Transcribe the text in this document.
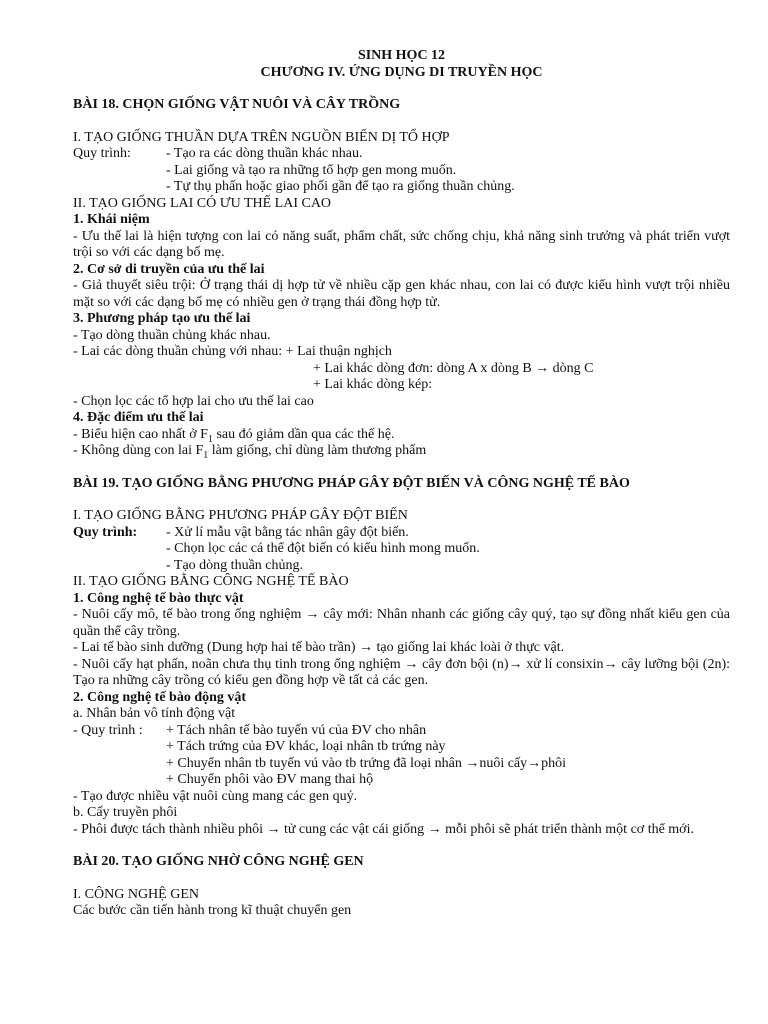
SINH HỌC 12

CHƯƠNG IV. ỨNG DỤNG DI TRUYỀN HỌC

BÀI 18. CHỌN GIỐNG VẬT NUÔI VÀ CÂY TRỒNG

I. TẠO GIỐNG THUẦN DỰA TRÊN NGUỒN BIẾN DỊ TỔ HỢP

Quy trình:	- Tạo ra các dòng thuần khác nhau.

- Lai giống và tạo ra những tổ hợp gen mong muốn.

- Tự thụ phấn hoặc giao phối gần để tạo ra giống thuần chủng.

II. TẠO GIỐNG LAI CÓ ƯU THẾ LAI CAO

1. Khái niệm

- Ưu thế lai là hiện tượng con lai có năng suất, phẩm chất, sức chống chịu, khả năng sinh trưởng và phát triển vượt trội so với các dạng bố mẹ.

2. Cơ sở di truyền của ưu thế lai

- Giả thuyết siêu trội: Ở trạng thái dị hợp tử về nhiều cặp gen khác nhau, con lai có được kiểu hình vượt trội nhiều mặt so với các dạng bố mẹ có nhiều gen ở trạng thái đồng hợp tử.

3. Phương pháp tạo ưu thế lai

- Tạo dòng thuần chủng khác nhau.

- Lai các dòng thuần chủng với nhau: + Lai thuận nghịch

+ Lai khác dòng đơn: dòng A x dòng B → dòng C

+ Lai khác dòng kép:

- Chọn lọc các tổ hợp lai cho ưu thế lai cao

4. Đặc điểm ưu thế lai

- Biểu hiện cao nhất ở $F_1$ sau đó giảm dần qua các thế hệ.

- Không dùng con lai $F_1$ làm giống, chỉ dùng làm thương phẩm

BÀI 19. TẠO GIỐNG BẰNG PHƯƠNG PHÁP GÂY ĐỘT BIẾN VÀ CÔNG NGHỆ TẾ BÀO

I. TẠO GIỐNG BẰNG PHƯƠNG PHÁP GÂY ĐỘT BIẾN

Quy trình:	- Xử lí mẫu vật bằng tác nhân gây đột biến.

- Chọn lọc các cá thể đột biến có kiểu hình mong muốn.

- Tạo dòng thuần chủng.

II. TẠO GIỐNG BẰNG CÔNG NGHỆ TẾ BÀO

1. Công nghệ tế bào thực vật

- Nuôi cấy mô, tế bào trong ống nghiệm → cây mới: Nhân nhanh các giống cây quý, tạo sự đồng nhất kiểu gen của quần thể cây trồng.

- Lai tế bào sinh dưỡng (Dung hợp hai tế bào trần) → tạo giống lai khác loài ở thực vật.

- Nuôi cấy hạt phấn, noãn chưa thụ tinh trong ống nghiệm → cây đơn bội (n)→ xử lí consixin→ cây lưỡng bội (2n): Tạo ra những cây trồng có kiểu gen đồng hợp về tất cả các gen.

2. Công nghệ tế bào động vật

a. Nhân bản vô tính động vật

- Quy trình :	+ Tách nhân tế bào tuyến vú của ĐV cho nhân

+ Tách trứng của ĐV khác, loại nhân tb trứng này

+ Chuyển nhân tb tuyến vú vào tb trứng đã loại nhân →nuôi cấy→phôi

+ Chuyển phôi vào ĐV mang thai hộ

- Tạo được nhiều vật nuôi cùng mang các gen quý.

b. Cấy truyền phôi

- Phôi được tách thành nhiều phôi → tử cung các vật cái giống → mỗi phôi sẽ phát triển thành một cơ thể mới.

BÀI 20. TẠO GIỐNG NHỜ CÔNG NGHỆ GEN

I. CÔNG NGHỆ GEN

Các bước cần tiến hành trong kĩ thuật chuyển gen
